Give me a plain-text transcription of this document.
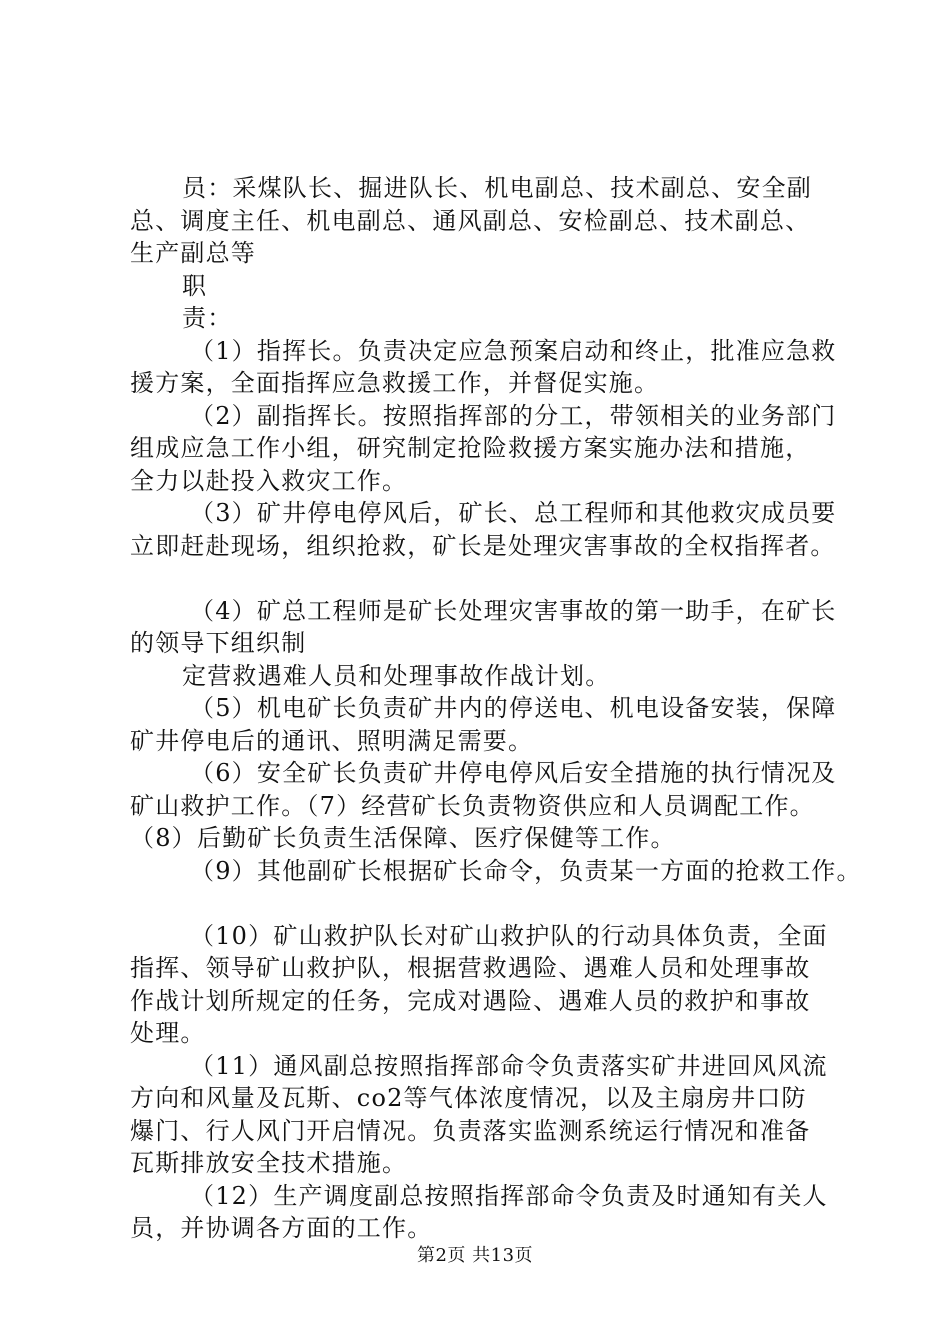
员：采煤队长、掘进队长、机电副总、技术副总、安全副
总、调度主任、机电副总、通风副总、安检副总、技术副总、
生产副总等
职
责：
（1）指挥长。负责决定应急预案启动和终止，批准应急救
援方案，全面指挥应急救援工作，并督促实施。
（2）副指挥长。按照指挥部的分工，带领相关的业务部门
组成应急工作小组，研究制定抢险救援方案实施办法和措施，
全力以赴投入救灾工作。
（3）矿井停电停风后，矿长、总工程师和其他救灾成员要
立即赶赴现场，组织抢救，矿长是处理灾害事故的全权指挥者。
（4）矿总工程师是矿长处理灾害事故的第一助手，在矿长
的领导下组织制
定营救遇难人员和处理事故作战计划。
（5）机电矿长负责矿井内的停送电、机电设备安装，保障
矿井停电后的通讯、照明满足需要。
（6）安全矿长负责矿井停电停风后安全措施的执行情况及
矿山救护工作。（7）经营矿长负责物资供应和人员调配工作。
（8）后勤矿长负责生活保障、医疗保健等工作。
（9）其他副矿长根据矿长命令，负责某一方面的抢救工作。
（10）矿山救护队长对矿山救护队的行动具体负责，全面
指挥、领导矿山救护队，根据营救遇险、遇难人员和处理事故
作战计划所规定的任务，完成对遇险、遇难人员的救护和事故
处理。
（11）通风副总按照指挥部命令负责落实矿井进回风风流
方向和风量及瓦斯、co2等气体浓度情况，以及主扇房井口防
爆门、行人风门开启情况。负责落实监测系统运行情况和准备
瓦斯排放安全技术措施。
（12）生产调度副总按照指挥部命令负责及时通知有关人
员，并协调各方面的工作。
第2页 共13页
